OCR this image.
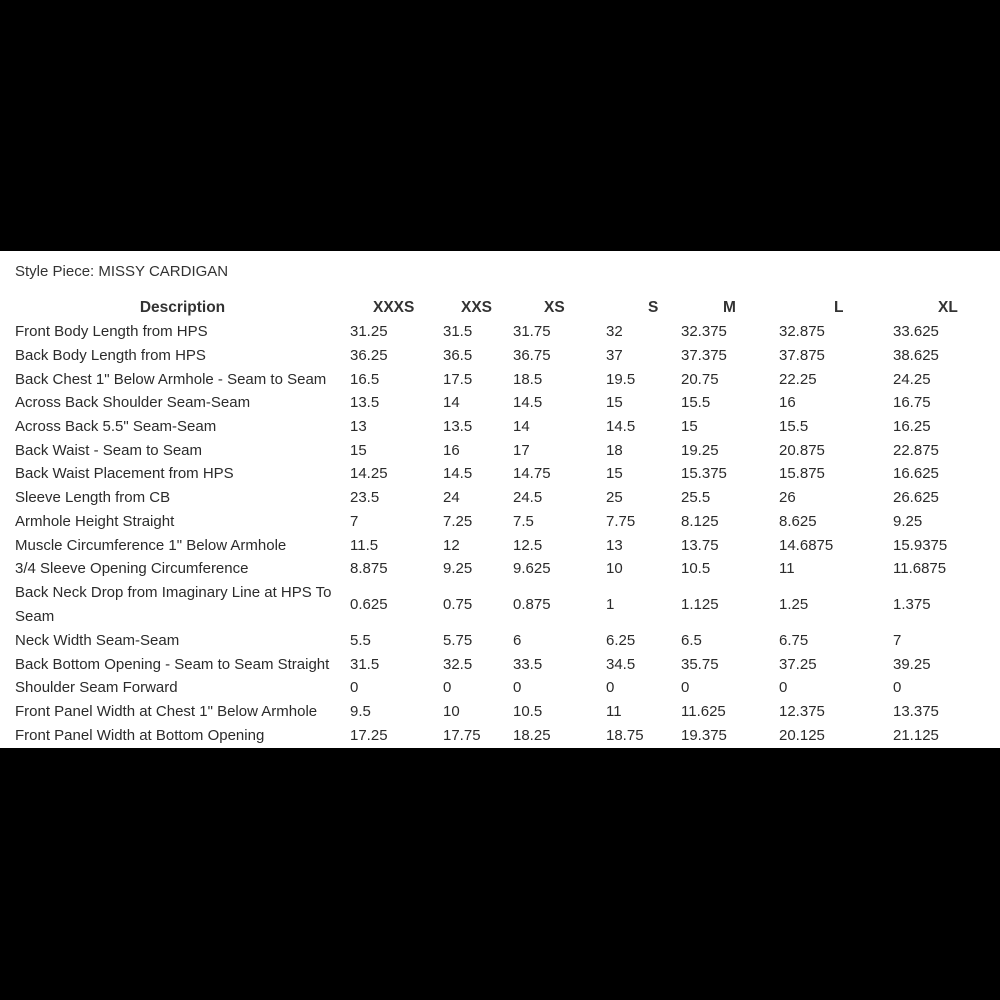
Style Piece: MISSY CARDIGAN
Description	XXXS	XXS	XS	S	M	L	XL
Front Body Length from HPS	31.25	31.5	31.75	32	32.375	32.875	33.625
Back Body Length from HPS	36.25	36.5	36.75	37	37.375	37.875	38.625
Back Chest 1" Below Armhole - Seam to Seam	16.5	17.5	18.5	19.5	20.75	22.25	24.25
Across Back Shoulder Seam-Seam	13.5	14	14.5	15	15.5	16	16.75
Across Back 5.5" Seam-Seam	13	13.5	14	14.5	15	15.5	16.25
Back Waist - Seam to Seam	15	16	17	18	19.25	20.875	22.875
Back Waist Placement from HPS	14.25	14.5	14.75	15	15.375	15.875	16.625
Sleeve Length from CB	23.5	24	24.5	25	25.5	26	26.625
Armhole Height Straight	7	7.25	7.5	7.75	8.125	8.625	9.25
Muscle Circumference 1" Below Armhole	11.5	12	12.5	13	13.75	14.6875	15.9375
3/4 Sleeve Opening Circumference	8.875	9.25	9.625	10	10.5	11	11.6875
Back Neck Drop from Imaginary Line at HPS To Seam	0.625	0.75	0.875	1	1.125	1.25	1.375
Neck Width Seam-Seam	5.5	5.75	6	6.25	6.5	6.75	7
Back Bottom Opening - Seam to Seam Straight	31.5	32.5	33.5	34.5	35.75	37.25	39.25
Shoulder Seam Forward	0	0	0	0	0	0	0
Front Panel Width at Chest 1" Below Armhole	9.5	10	10.5	11	11.625	12.375	13.375
Front Panel Width at Bottom Opening	17.25	17.75	18.25	18.75	19.375	20.125	21.125
